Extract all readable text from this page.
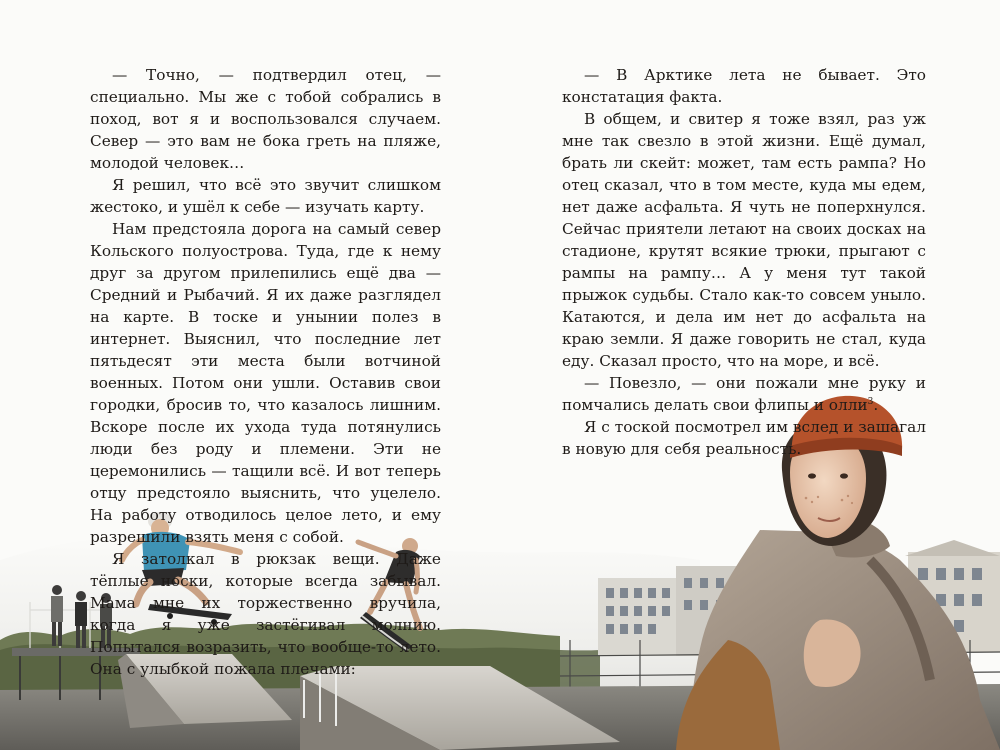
— Точно, — подтвердил отец, — специально. Мы же с тобой собрались в поход, вот я и воспользовался случаем. Север — это вам не бока греть на пляже, молодой человек…

Я решил, что всё это звучит слишком жестоко, и ушёл к себе — изучать карту.

Нам предстояла дорога на самый север Кольского полуострова. Туда, где к нему друг за другом прилепились ещё два — Средний и Рыбачий. Я их даже разглядел на карте. В тоске и унынии полез в интернет. Выяснил, что последние лет пятьдесят эти места были вотчиной военных. Потом они ушли. Оставив свои городки, бросив то, что казалось лишним. Вскоре после их ухода туда потянулись люди без роду и племени. Эти не церемонились — тащили всё. И вот теперь отцу предстояло выяснить, что уцелело. На работу отводилось целое лето, и ему разрешили взять меня с собой.

Я затолкал в рюкзак вещи. Даже тёплые носки, которые всегда забывал. Мама мне их торжественно вручила, когда я уже застёгивал молнию. Попытался возразить, что вообще-то лето. Она с улыбкой пожала плечами:

— В Арктике лета не бывает. Это констатация факта.

В общем, и свитер я тоже взял, раз уж мне так свезло в этой жизни. Ещё думал, брать ли скейт: может, там есть рампа? Но отец сказал, что в том месте, куда мы едем, нет даже асфальта. Я чуть не поперхнулся. Сейчас приятели летают на своих досках на стадионе, крутят всякие трюки, прыгают с рампы на рампу… А у меня тут такой прыжок судьбы. Стало как-то совсем уныло. Катаются, и дела им нет до асфальта на краю земли. Я даже говорить не стал, куда еду. Сказал просто, что на море, и всё.

— Повезло, — они пожали мне руку и помчались делать свои флипы и олли$^3$.

Я с тоской посмотрел им вслед и зашагал в новую для себя реальность.
